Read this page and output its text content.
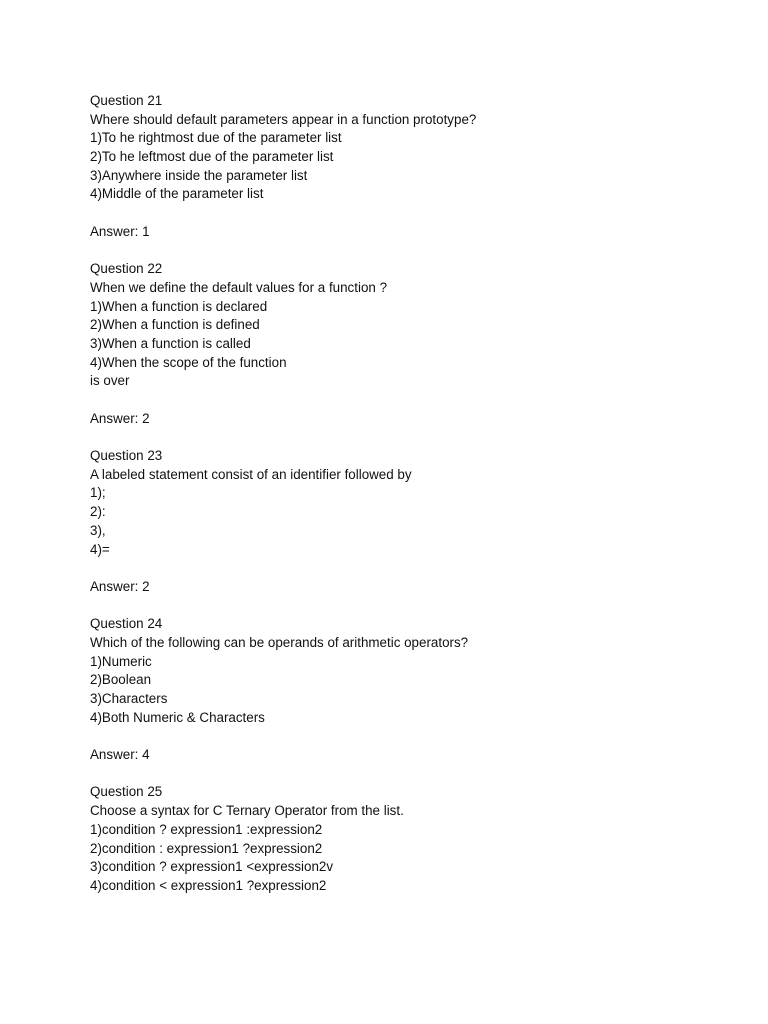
Question 21
Where should default parameters appear in a function prototype?
1)To he rightmost due of the parameter list
2)To he leftmost due of the parameter list
3)Anywhere inside the parameter list
4)Middle of the parameter list
Answer: 1
Question 22
When we define the default values for a function ?
1)When a function is declared
2)When a function is defined
3)When a function is called
4)When the scope of the function
is over
Answer: 2
Question 23
A labeled statement consist of an identifier followed by
1);
2):
3),
4)=
Answer: 2
Question 24
Which of the following can be operands of arithmetic operators?
1)Numeric
2)Boolean
3)Characters
4)Both Numeric & Characters
Answer: 4
Question 25
Choose a syntax for C Ternary Operator from the list.
1)condition ? expression1 :expression2
2)condition : expression1 ?expression2
3)condition ? expression1 <expression2v
4)condition < expression1 ?expression2
